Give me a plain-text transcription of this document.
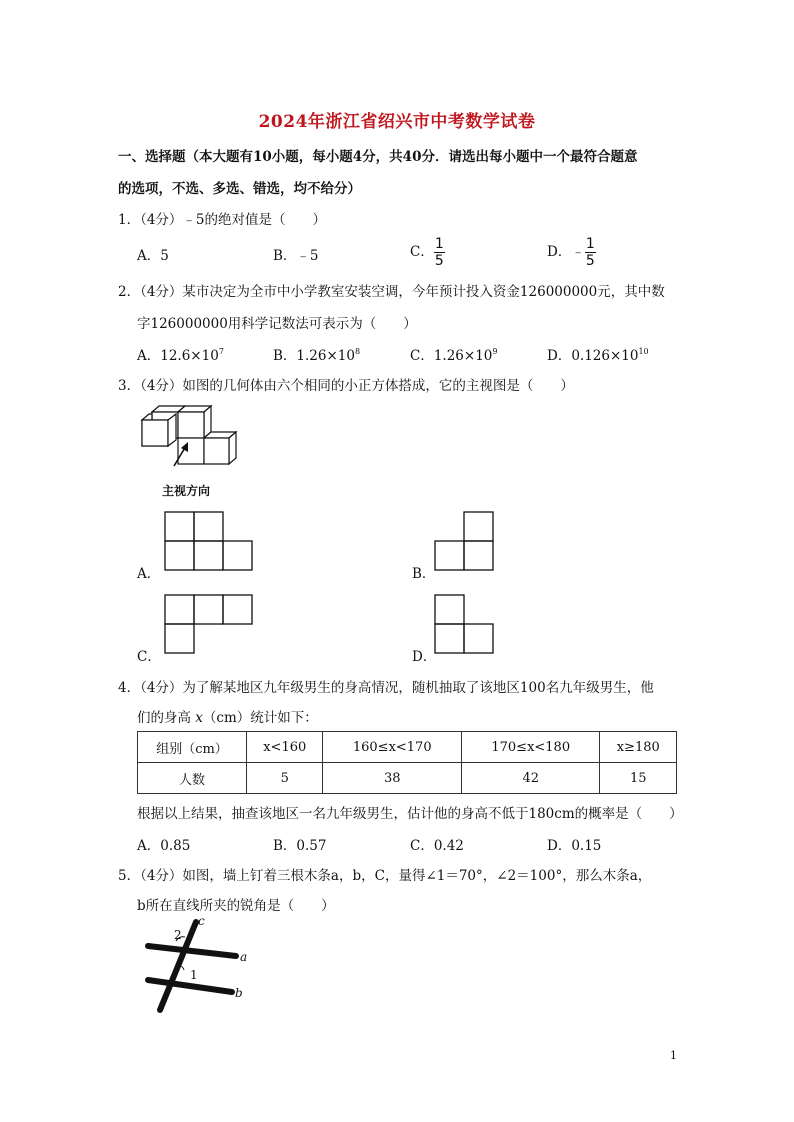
2024年浙江省绍兴市中考数学试卷
一、选择题（本大题有10小题，每小题4分，共40分．请选出每小题中一个最符合题意
的选项，不选、多选、错选，均不给分）
1．（4分）﹣5的绝对值是（　　）
A．5	B．﹣5	C． $\frac{1}{5}$	D．﹣ $\frac{1}{5}$
2．（4分）某市决定为全市中小学教室安装空调，今年预计投入资金126000000元，其中数
字126000000用科学记数法可表示为（　　）
A．$12.6\times 10^7$	B．$1.26\times 10^8$	C．$1.26\times 10^9$	D．$0.126\times 10^{10}$
3．（4分）如图的几何体由六个相同的小正方体搭成，它的主视图是（　　）
主视方向
A．	B．
C．	D．
4．（4分）为了解某地区九年级男生的身高情况，随机抽取了该地区100名九年级男生，他
们的身高 x（cm）统计如下：
组别（cm）	x<160	160≤x<170	170≤x<180	x≥180
人数	5	38	42	15
根据以上结果，抽查该地区一名九年级男生，估计他的身高不低于180cm的概率是（　　）
A．0.85	B．0.57	C．0.42	D．0.15
5．（4分）如图，墙上钉着三根木条a，b，C，量得∠1＝70°，∠2＝100°，那么木条a，
b所在直线所夹的锐角是（　　）
c
2
a
1
b
1
